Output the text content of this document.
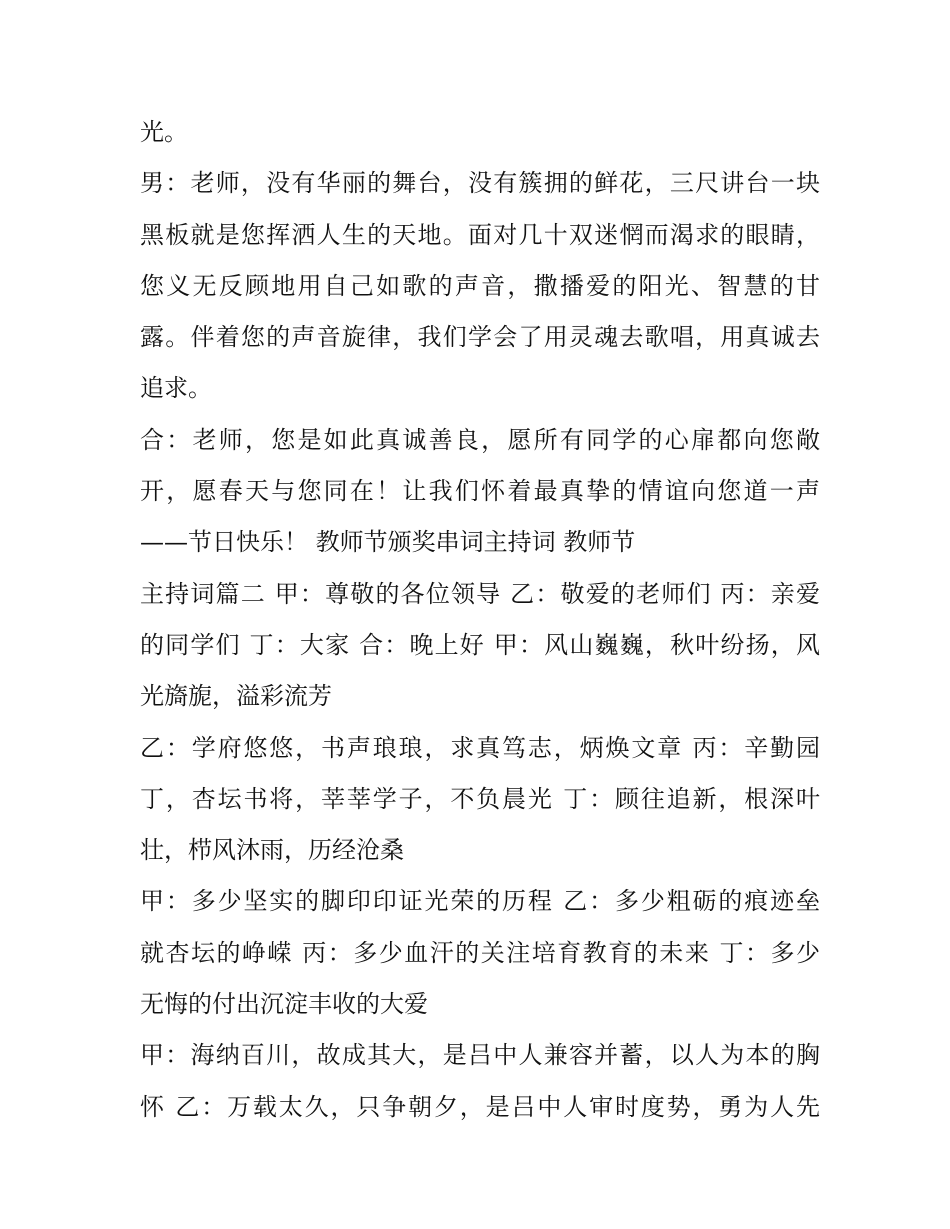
光。
男：老师，没有华丽的舞台，没有簇拥的鲜花，三尺讲台一块
黑板就是您挥洒人生的天地。面对几十双迷惘而渴求的眼睛，
您义无反顾地用自己如歌的声音，撒播爱的阳光、智慧的甘
露。伴着您的声音旋律，我们学会了用灵魂去歌唱，用真诚去
追求。
合：老师，您是如此真诚善良，愿所有同学的心扉都向您敞
开，愿春天与您同在！让我们怀着最真挚的情谊向您道一声
——节日快乐！ 教师节颁奖串词主持词 教师节
主持词篇二 甲：尊敬的各位领导 乙：敬爱的老师们 丙：亲爱
的同学们 丁：大家 合：晚上好 甲：风山巍巍，秋叶纷扬，风
光旖旎，溢彩流芳
乙：学府悠悠，书声琅琅，求真笃志，炳焕文章 丙：辛勤园
丁，杏坛书将，莘莘学子，不负晨光 丁：顾往追新，根深叶
壮，栉风沐雨，历经沧桑
甲：多少坚实的脚印印证光荣的历程 乙：多少粗砺的痕迹垒
就杏坛的峥嵘 丙：多少血汗的关注培育教育的未来 丁：多少
无悔的付出沉淀丰收的大爱
甲：海纳百川，故成其大，是吕中人兼容并蓄，以人为本的胸
怀 乙：万载太久，只争朝夕，是吕中人审时度势，勇为人先
